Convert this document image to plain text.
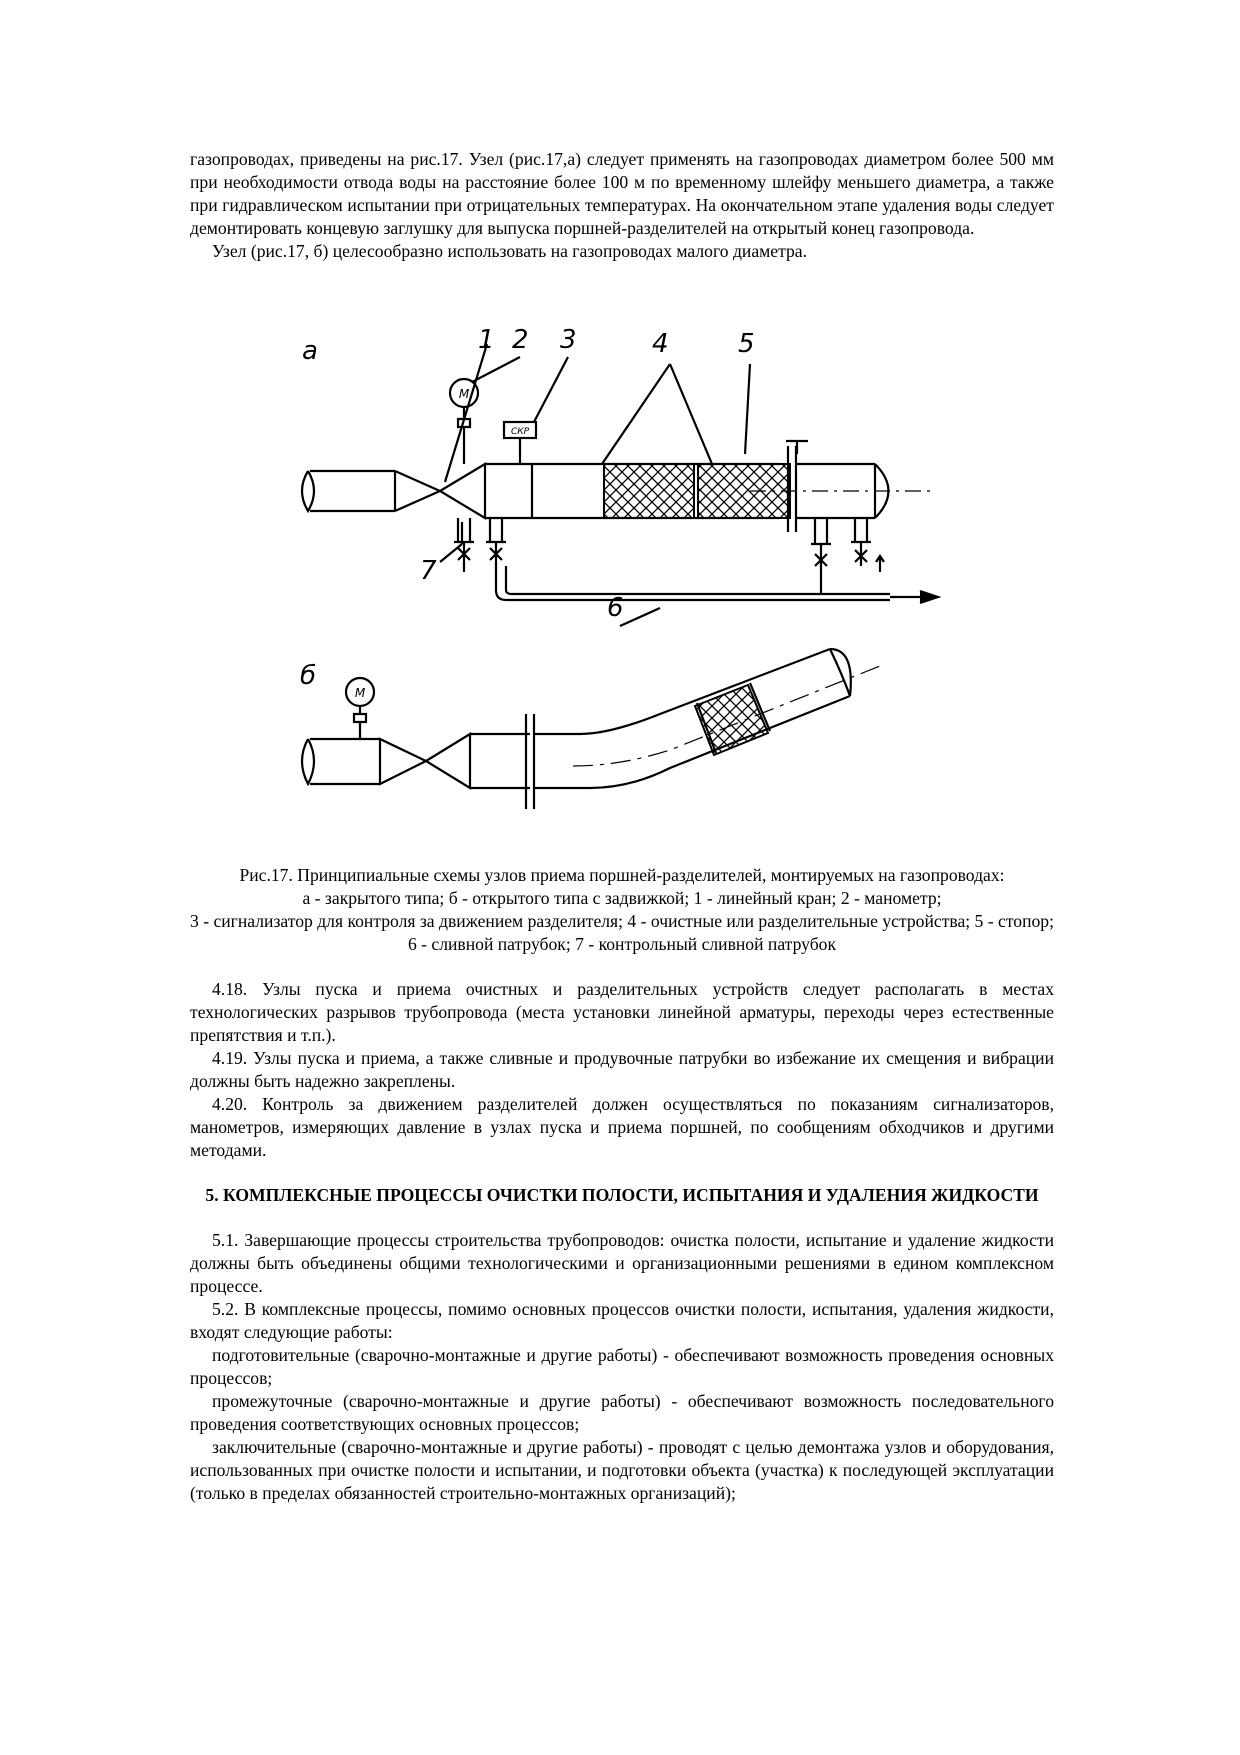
газопроводах, приведены на рис.17. Узел (рис.17,а) следует применять на газопроводах диаметром более 500 мм при необходимости отвода воды на расстояние более 100 м по временному шлейфу меньшего диаметра, а также при гидравлическом испытании при отрицательных температурах. На окончательном этапе удаления воды следует демонтировать концевую заглушку для выпуска поршней-разделителей на открытый конец газопровода.

Узел (рис.17, б) целесообразно использовать на газопроводах малого диаметра.

а
б
1 2 3	4	5
6
7
М
М
СКР
Рис.17. Принципиальные схемы узлов приема поршней-разделителей, монтируемых на газопроводах:
а - закрытого типа; б - открытого типа с задвижкой; 1 - линейный кран; 2 - манометр;
3 - сигнализатор для контроля за движением разделителя; 4 - очистные или разделительные устройства; 5 - стопор; 6 - сливной патрубок; 7 - контрольный сливной патрубок

4.18. Узлы пуска и приема очистных и разделительных устройств следует располагать в местах технологических разрывов трубопровода (места установки линейной арматуры, переходы через естественные препятствия и т.п.).

4.19. Узлы пуска и приема, а также сливные и продувочные патрубки во избежание их смещения и вибрации должны быть надежно закреплены.

4.20. Контроль за движением разделителей должен осуществляться по показаниям сигнализаторов, манометров, измеряющих давление в узлах пуска и приема поршней, по сообщениям обходчиков и другими методами.

5. КОМПЛЕКСНЫЕ ПРОЦЕССЫ ОЧИСТКИ ПОЛОСТИ, ИСПЫТАНИЯ И УДАЛЕНИЯ ЖИДКОСТИ

5.1. Завершающие процессы строительства трубопроводов: очистка полости, испытание и удаление жидкости должны быть объединены общими технологическими и организационными решениями в едином комплексном процессе.

5.2. В комплексные процессы, помимо основных процессов очистки полости, испытания, удаления жидкости, входят следующие работы:

подготовительные (сварочно-монтажные и другие работы) - обеспечивают возможность проведения основных процессов;

промежуточные (сварочно-монтажные и другие работы) - обеспечивают возможность последовательного проведения соответствующих основных процессов;

заключительные (сварочно-монтажные и другие работы) - проводят с целью демонтажа узлов и оборудования, использованных при очистке полости и испытании, и подготовки объекта (участка) к последующей эксплуатации (только в пределах обязанностей строительно-монтажных организаций);
